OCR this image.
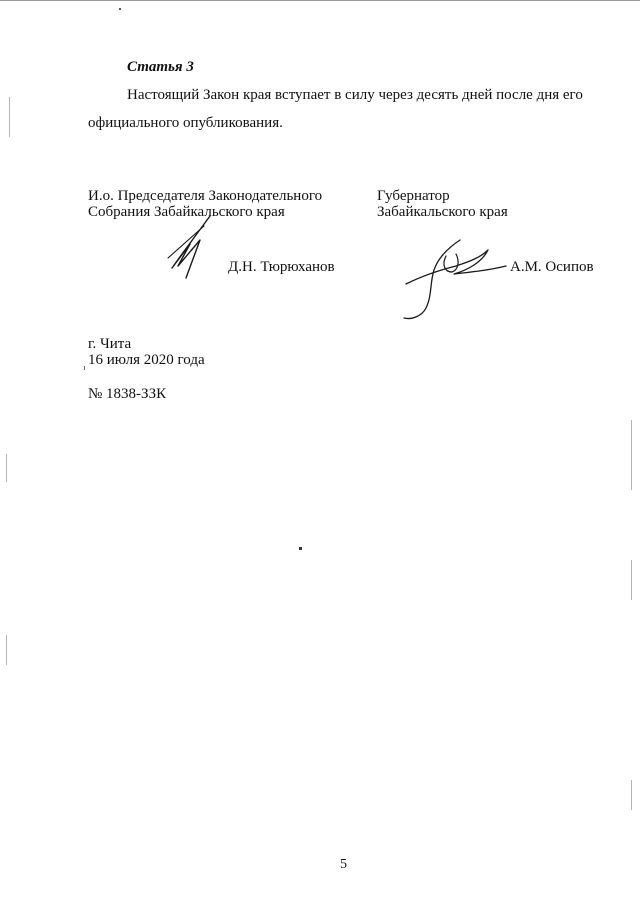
Статья 3
Настоящий Закон края вступает в силу через десять дней после дня его
официального опубликования.
И.о. Председателя Законодательного
Собрания Забайкальского края
Д.Н. Тюрюханов
Губернатор
Забайкальского края
А.М. Осипов
г. Чита
16 июля 2020 года
№ 1838-ЗЗК
5
